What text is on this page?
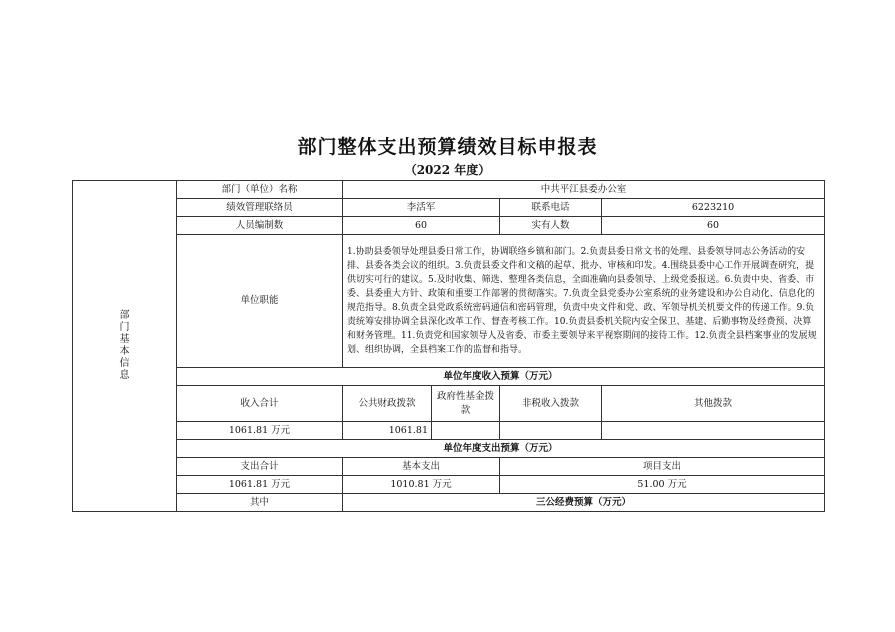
部门整体支出预算绩效目标申报表
（2022 年度）
部门基本信息	部门（单位）名称	中共平江县委办公室			
	绩效管理联络员	李活军		联系电话	6223210
	人员编制数	60		实有人数	60
	单位职能	1.协助县委领导处理县委日常工作，协调联络乡镇和部门。2.负责县委日常文书的处理、县委领导同志公务活动的安排、县委各类会议的组织。3.负责县委文件和文稿的起草、批办、审核和印发。4.围绕县委中心工作开展调查研究，提供切实可行的建议。5.及时收集、筛选、整理各类信息，全面准确向县委领导、上级党委报送。6.负责中央、省委、市委、县委重大方针、政策和重要工作部署的贯彻落实。7.负责全县党委办公室系统的业务建设和办公自动化、信息化的规范指导。8.负责全县党政系统密码通信和密码管理，负责中央文件和党、政、军领导机关机要文件的传递工作。9.负责统筹安排协调全县深化改革工作、督查考核工作。10.负责县委机关院内安全保卫、基建、后勤事物及经费预、决算和财务管理。11.负责党和国家领导人及省委、市委主要领导来平视察期间的接待工作。12.负责全县档案事业的发展规划、组织协调，全县档案工作的监督和指导。			
	单位年度收入预算（万元）				
	收入合计	公共财政拨款	政府性基金拨款	非税收入拨款	其他拨款
	1061.81 万元	1061.81			
	单位年度支出预算（万元）				
	支出合计	基本支出		项目支出	
	1061.81 万元	1010.81 万元		51.00 万元	
	其中	三公经费预算（万元）			
